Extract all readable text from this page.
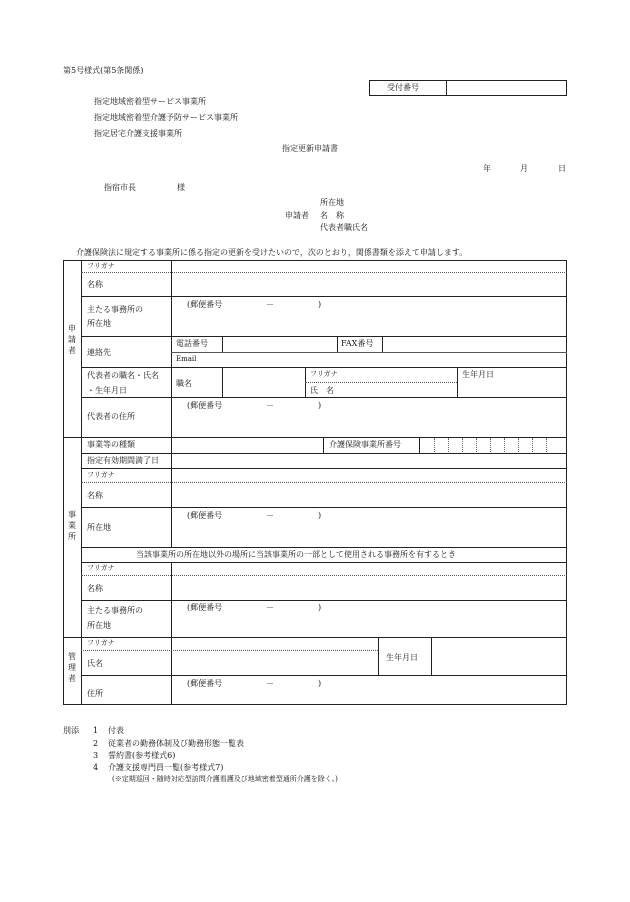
第5号様式(第5条関係)
受付番号
指定地域密着型サービス事業所
指定地域密着型介護予防サービス事業所
指定居宅介護支援事業所
指定更新申請書
年	月	日
指宿市長	様
所在地
申請者 名　称
代表者職氏名
介護保険法に規定する事業所に係る指定の更新を受けたいので，次のとおり，関係書類を添えて申請します。
申請者
フリガナ
名称
主たる事務所の
所在地
(郵便番号	－	)
連絡先
電話番号	FAX番号
Email
代表者の職名・氏名
・生年月日
職名
フリガナ
氏　名
生年月日
代表者の住所
(郵便番号	－	)
事業所
事業等の種類	介護保険事業所番号
指定有効期間満了日
フリガナ
名称
所在地
(郵便番号	－	)
当該事業所の所在地以外の場所に当該事業所の一部として使用される事務所を有するとき
フリガナ
名称
主たる事務所の
所在地
(郵便番号	－	)
管理者
フリガナ
氏名
生年月日
住所
(郵便番号	－	)
別添 1 付表
2 従業者の勤務体制及び勤務形態一覧表
3 誓約書(参考様式6)
4 介護支援専門員一覧(参考様式7)
(※定期巡回・随時対応型訪問介護看護及び地域密着型通所介護を除く。)
